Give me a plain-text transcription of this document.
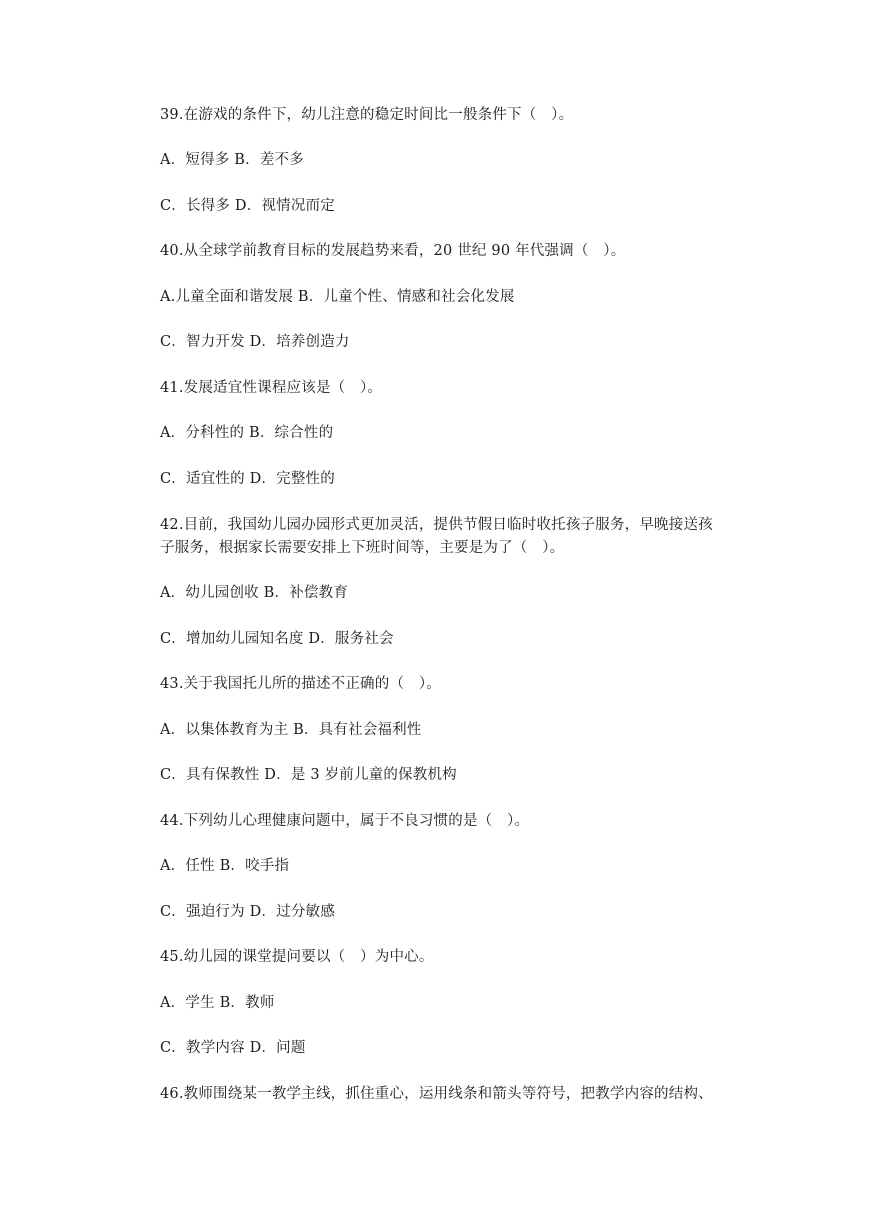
39.在游戏的条件下，幼儿注意的稳定时间比一般条件下（　）。
A．短得多 B．差不多
C．长得多 D．视情况而定
40.从全球学前教育目标的发展趋势来看，20 世纪 90 年代强调（　）。
A.儿童全面和谐发展 B．儿童个性、情感和社会化发展
C．智力开发 D．培养创造力
41.发展适宜性课程应该是（　）。
A．分科性的 B．综合性的
C．适宜性的 D．完整性的
42.目前，我国幼儿园办园形式更加灵活，提供节假日临时收托孩子服务，早晚接送孩
子服务，根据家长需要安排上下班时间等，主要是为了（　）。
A．幼儿园创收 B．补偿教育
C．增加幼儿园知名度 D．服务社会
43.关于我国托儿所的描述不正确的（　）。
A．以集体教育为主 B．具有社会福利性
C．具有保教性 D．是 3 岁前儿童的保教机构
44.下列幼儿心理健康问题中，属于不良习惯的是（　）。
A．任性 B．咬手指
C．强迫行为 D．过分敏感
45.幼儿园的课堂提问要以（　）为中心。
A．学生 B．教师
C．教学内容 D．问题
46.教师围绕某一教学主线，抓住重心，运用线条和箭头等符号，把教学内容的结构、
